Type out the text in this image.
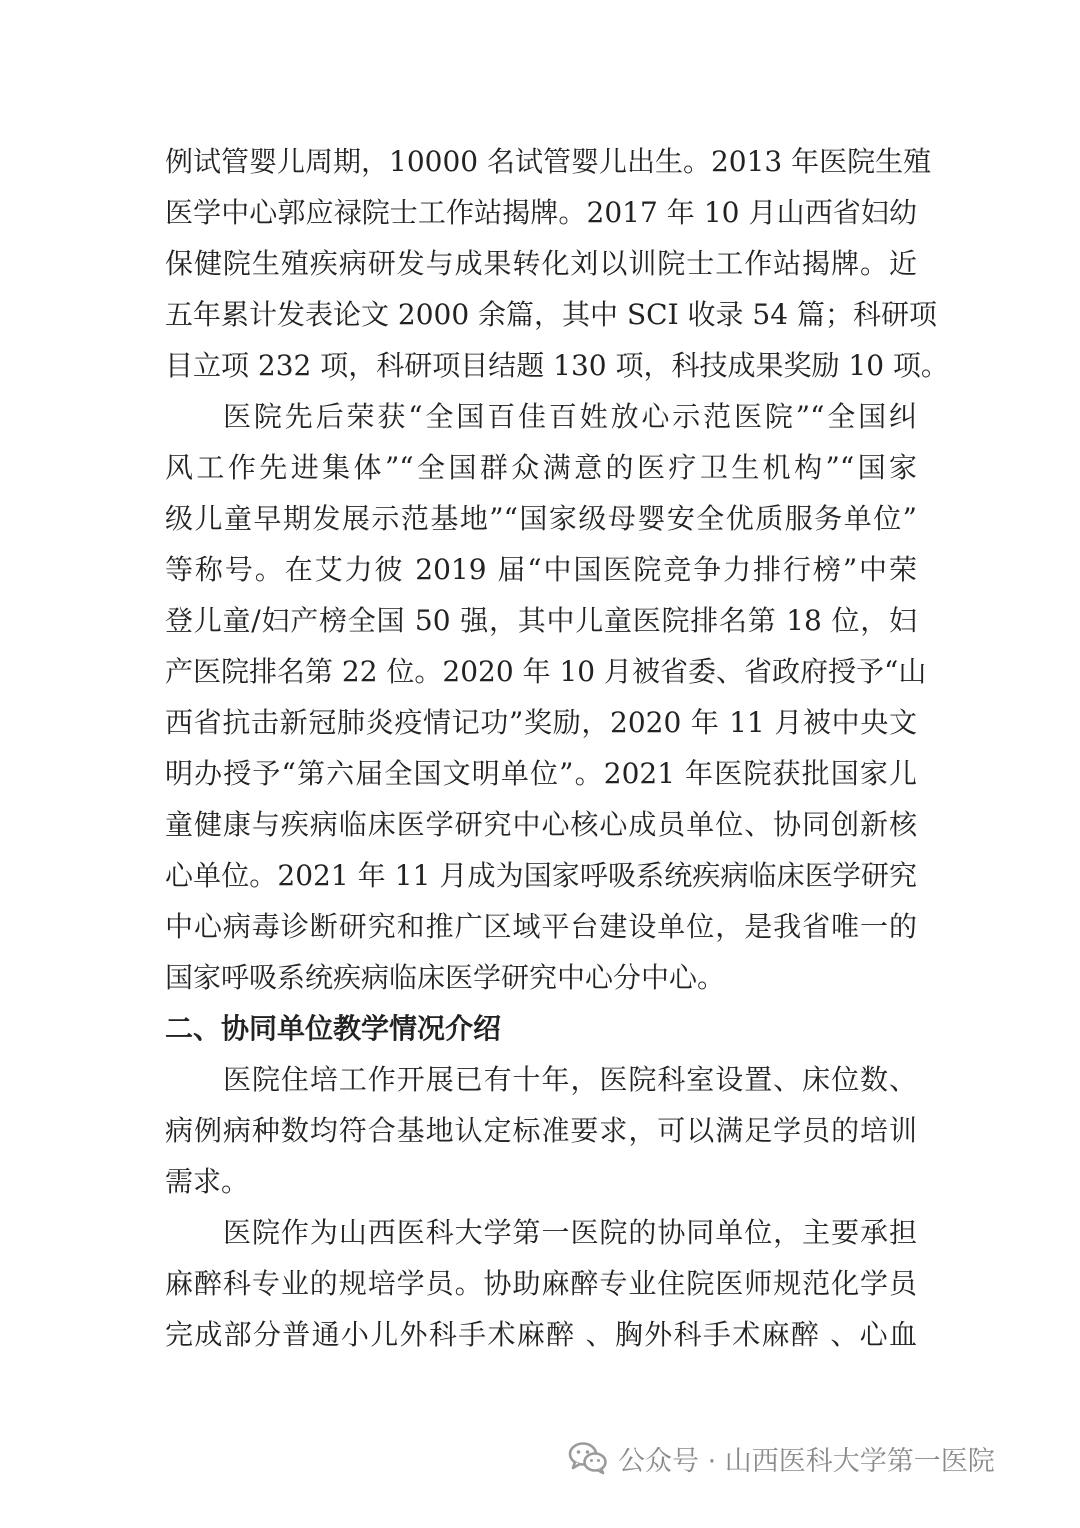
例试管婴儿周期，10000 名试管婴儿出生。2013 年医院生殖
医学中心郭应禄院士工作站揭牌。2017 年 10 月山西省妇幼
保健院生殖疾病研发与成果转化刘以训院士工作站揭牌。近
五年累计发表论文 2000 余篇，其中 SCI 收录 54 篇；科研项
目立项 232 项，科研项目结题 130 项，科技成果奖励 10 项。
医院先后荣获“全国百佳百姓放心示范医院”“全国纠
风工作先进集体”“全国群众满意的医疗卫生机构”“国家
级儿童早期发展示范基地”“国家级母婴安全优质服务单位”
等称号。在艾力彼 2019 届“中国医院竞争力排行榜”中荣
登儿童/妇产榜全国 50 强，其中儿童医院排名第 18 位，妇
产医院排名第 22 位。2020 年 10 月被省委、省政府授予“山
西省抗击新冠肺炎疫情记功”奖励，2020 年 11 月被中央文
明办授予“第六届全国文明单位”。2021 年医院获批国家儿
童健康与疾病临床医学研究中心核心成员单位、协同创新核
心单位。2021 年 11 月成为国家呼吸系统疾病临床医学研究
中心病毒诊断研究和推广区域平台建设单位，是我省唯一的
国家呼吸系统疾病临床医学研究中心分中心。
二、协同单位教学情况介绍
医院住培工作开展已有十年，医院科室设置、床位数、
病例病种数均符合基地认定标准要求，可以满足学员的培训
需求。
医院作为山西医科大学第一医院的协同单位，主要承担
麻醉科专业的规培学员。协助麻醉专业住院医师规范化学员
完成部分普通小儿外科手术麻醉 、胸外科手术麻醉 、心血
公众号 · 山西医科大学第一医院
